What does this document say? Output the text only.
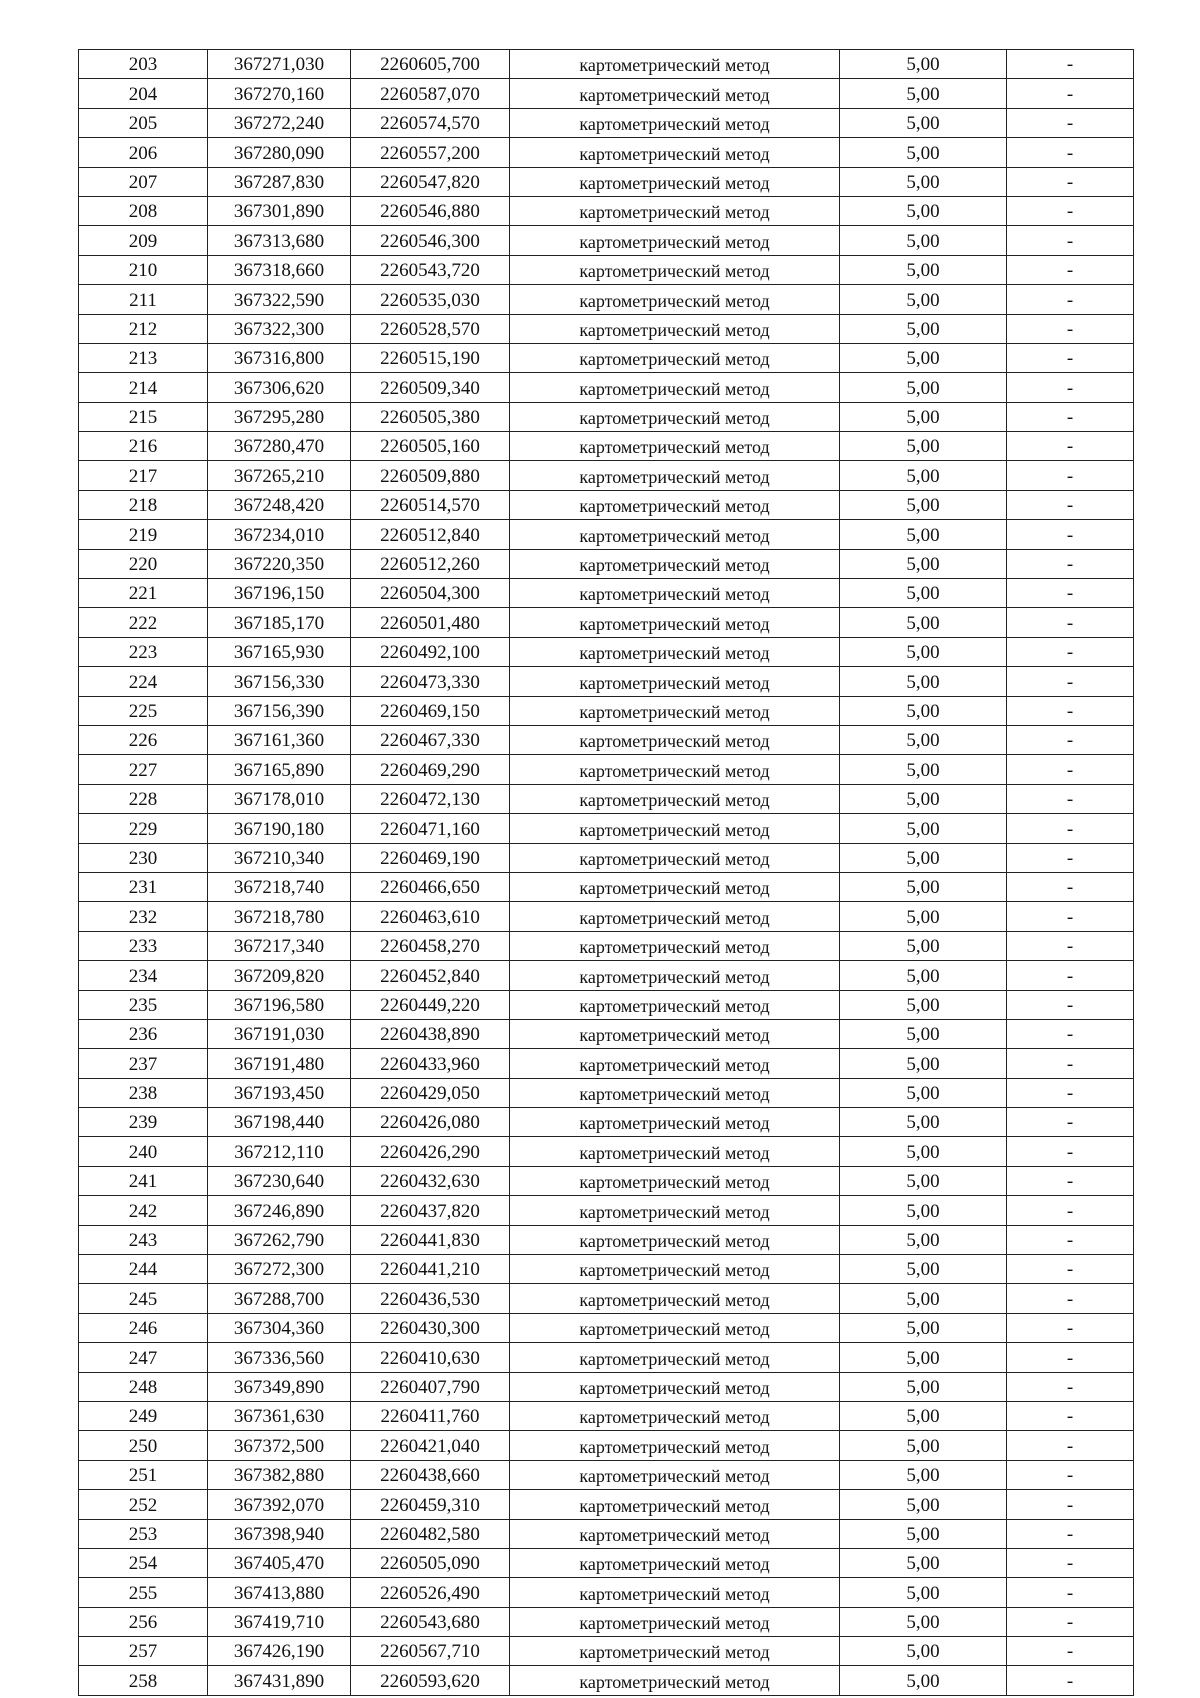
203	367271,030	2260605,700	картометрический метод	5,00	-
204	367270,160	2260587,070	картометрический метод	5,00	-
205	367272,240	2260574,570	картометрический метод	5,00	-
206	367280,090	2260557,200	картометрический метод	5,00	-
207	367287,830	2260547,820	картометрический метод	5,00	-
208	367301,890	2260546,880	картометрический метод	5,00	-
209	367313,680	2260546,300	картометрический метод	5,00	-
210	367318,660	2260543,720	картометрический метод	5,00	-
211	367322,590	2260535,030	картометрический метод	5,00	-
212	367322,300	2260528,570	картометрический метод	5,00	-
213	367316,800	2260515,190	картометрический метод	5,00	-
214	367306,620	2260509,340	картометрический метод	5,00	-
215	367295,280	2260505,380	картометрический метод	5,00	-
216	367280,470	2260505,160	картометрический метод	5,00	-
217	367265,210	2260509,880	картометрический метод	5,00	-
218	367248,420	2260514,570	картометрический метод	5,00	-
219	367234,010	2260512,840	картометрический метод	5,00	-
220	367220,350	2260512,260	картометрический метод	5,00	-
221	367196,150	2260504,300	картометрический метод	5,00	-
222	367185,170	2260501,480	картометрический метод	5,00	-
223	367165,930	2260492,100	картометрический метод	5,00	-
224	367156,330	2260473,330	картометрический метод	5,00	-
225	367156,390	2260469,150	картометрический метод	5,00	-
226	367161,360	2260467,330	картометрический метод	5,00	-
227	367165,890	2260469,290	картометрический метод	5,00	-
228	367178,010	2260472,130	картометрический метод	5,00	-
229	367190,180	2260471,160	картометрический метод	5,00	-
230	367210,340	2260469,190	картометрический метод	5,00	-
231	367218,740	2260466,650	картометрический метод	5,00	-
232	367218,780	2260463,610	картометрический метод	5,00	-
233	367217,340	2260458,270	картометрический метод	5,00	-
234	367209,820	2260452,840	картометрический метод	5,00	-
235	367196,580	2260449,220	картометрический метод	5,00	-
236	367191,030	2260438,890	картометрический метод	5,00	-
237	367191,480	2260433,960	картометрический метод	5,00	-
238	367193,450	2260429,050	картометрический метод	5,00	-
239	367198,440	2260426,080	картометрический метод	5,00	-
240	367212,110	2260426,290	картометрический метод	5,00	-
241	367230,640	2260432,630	картометрический метод	5,00	-
242	367246,890	2260437,820	картометрический метод	5,00	-
243	367262,790	2260441,830	картометрический метод	5,00	-
244	367272,300	2260441,210	картометрический метод	5,00	-
245	367288,700	2260436,530	картометрический метод	5,00	-
246	367304,360	2260430,300	картометрический метод	5,00	-
247	367336,560	2260410,630	картометрический метод	5,00	-
248	367349,890	2260407,790	картометрический метод	5,00	-
249	367361,630	2260411,760	картометрический метод	5,00	-
250	367372,500	2260421,040	картометрический метод	5,00	-
251	367382,880	2260438,660	картометрический метод	5,00	-
252	367392,070	2260459,310	картометрический метод	5,00	-
253	367398,940	2260482,580	картометрический метод	5,00	-
254	367405,470	2260505,090	картометрический метод	5,00	-
255	367413,880	2260526,490	картометрический метод	5,00	-
256	367419,710	2260543,680	картометрический метод	5,00	-
257	367426,190	2260567,710	картометрический метод	5,00	-
258	367431,890	2260593,620	картометрический метод	5,00	-
